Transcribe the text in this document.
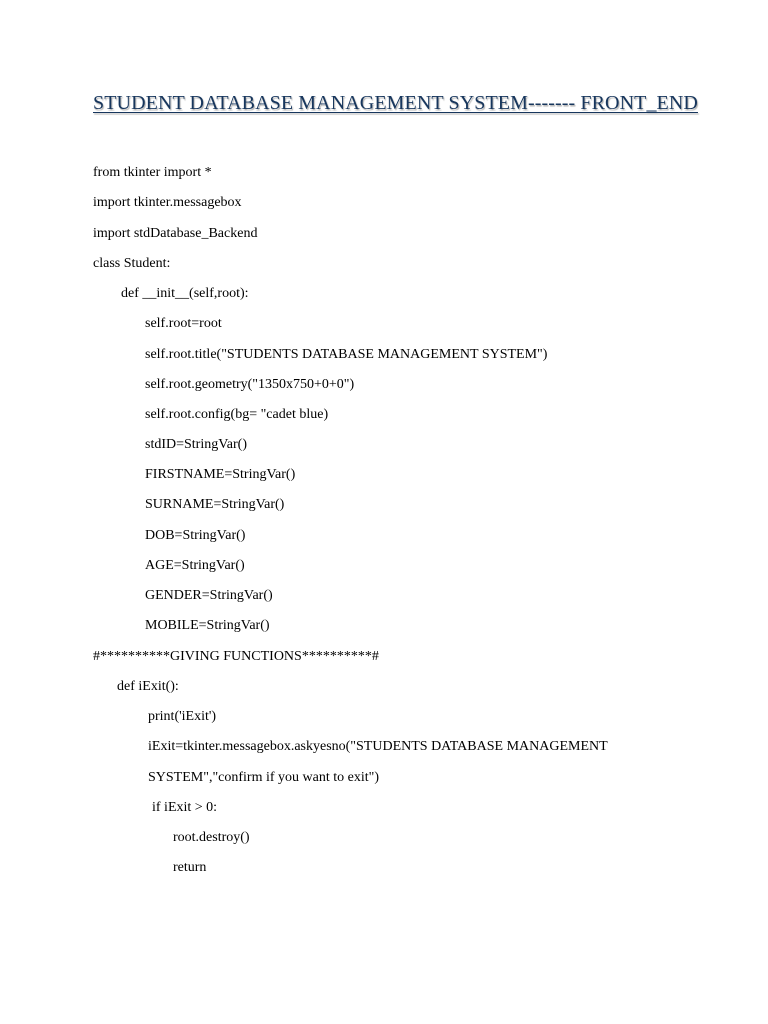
STUDENT DATABASE MANAGEMENT SYSTEM------- FRONT_END
from tkinter import *
import tkinter.messagebox
import stdDatabase_Backend
class Student:
def __init__(self,root):
self.root=root
self.root.title("STUDENTS DATABASE MANAGEMENT SYSTEM")
self.root.geometry("1350x750+0+0")
self.root.config(bg= "cadet blue)
stdID=StringVar()
FIRSTNAME=StringVar()
SURNAME=StringVar()
DOB=StringVar()
AGE=StringVar()
GENDER=StringVar()
MOBILE=StringVar()
#**********GIVING FUNCTIONS**********#
def iExit():
print('iExit')
iExit=tkinter.messagebox.askyesno("STUDENTS DATABASE MANAGEMENT
SYSTEM","confirm if you want to exit")
if iExit > 0:
root.destroy()
return
